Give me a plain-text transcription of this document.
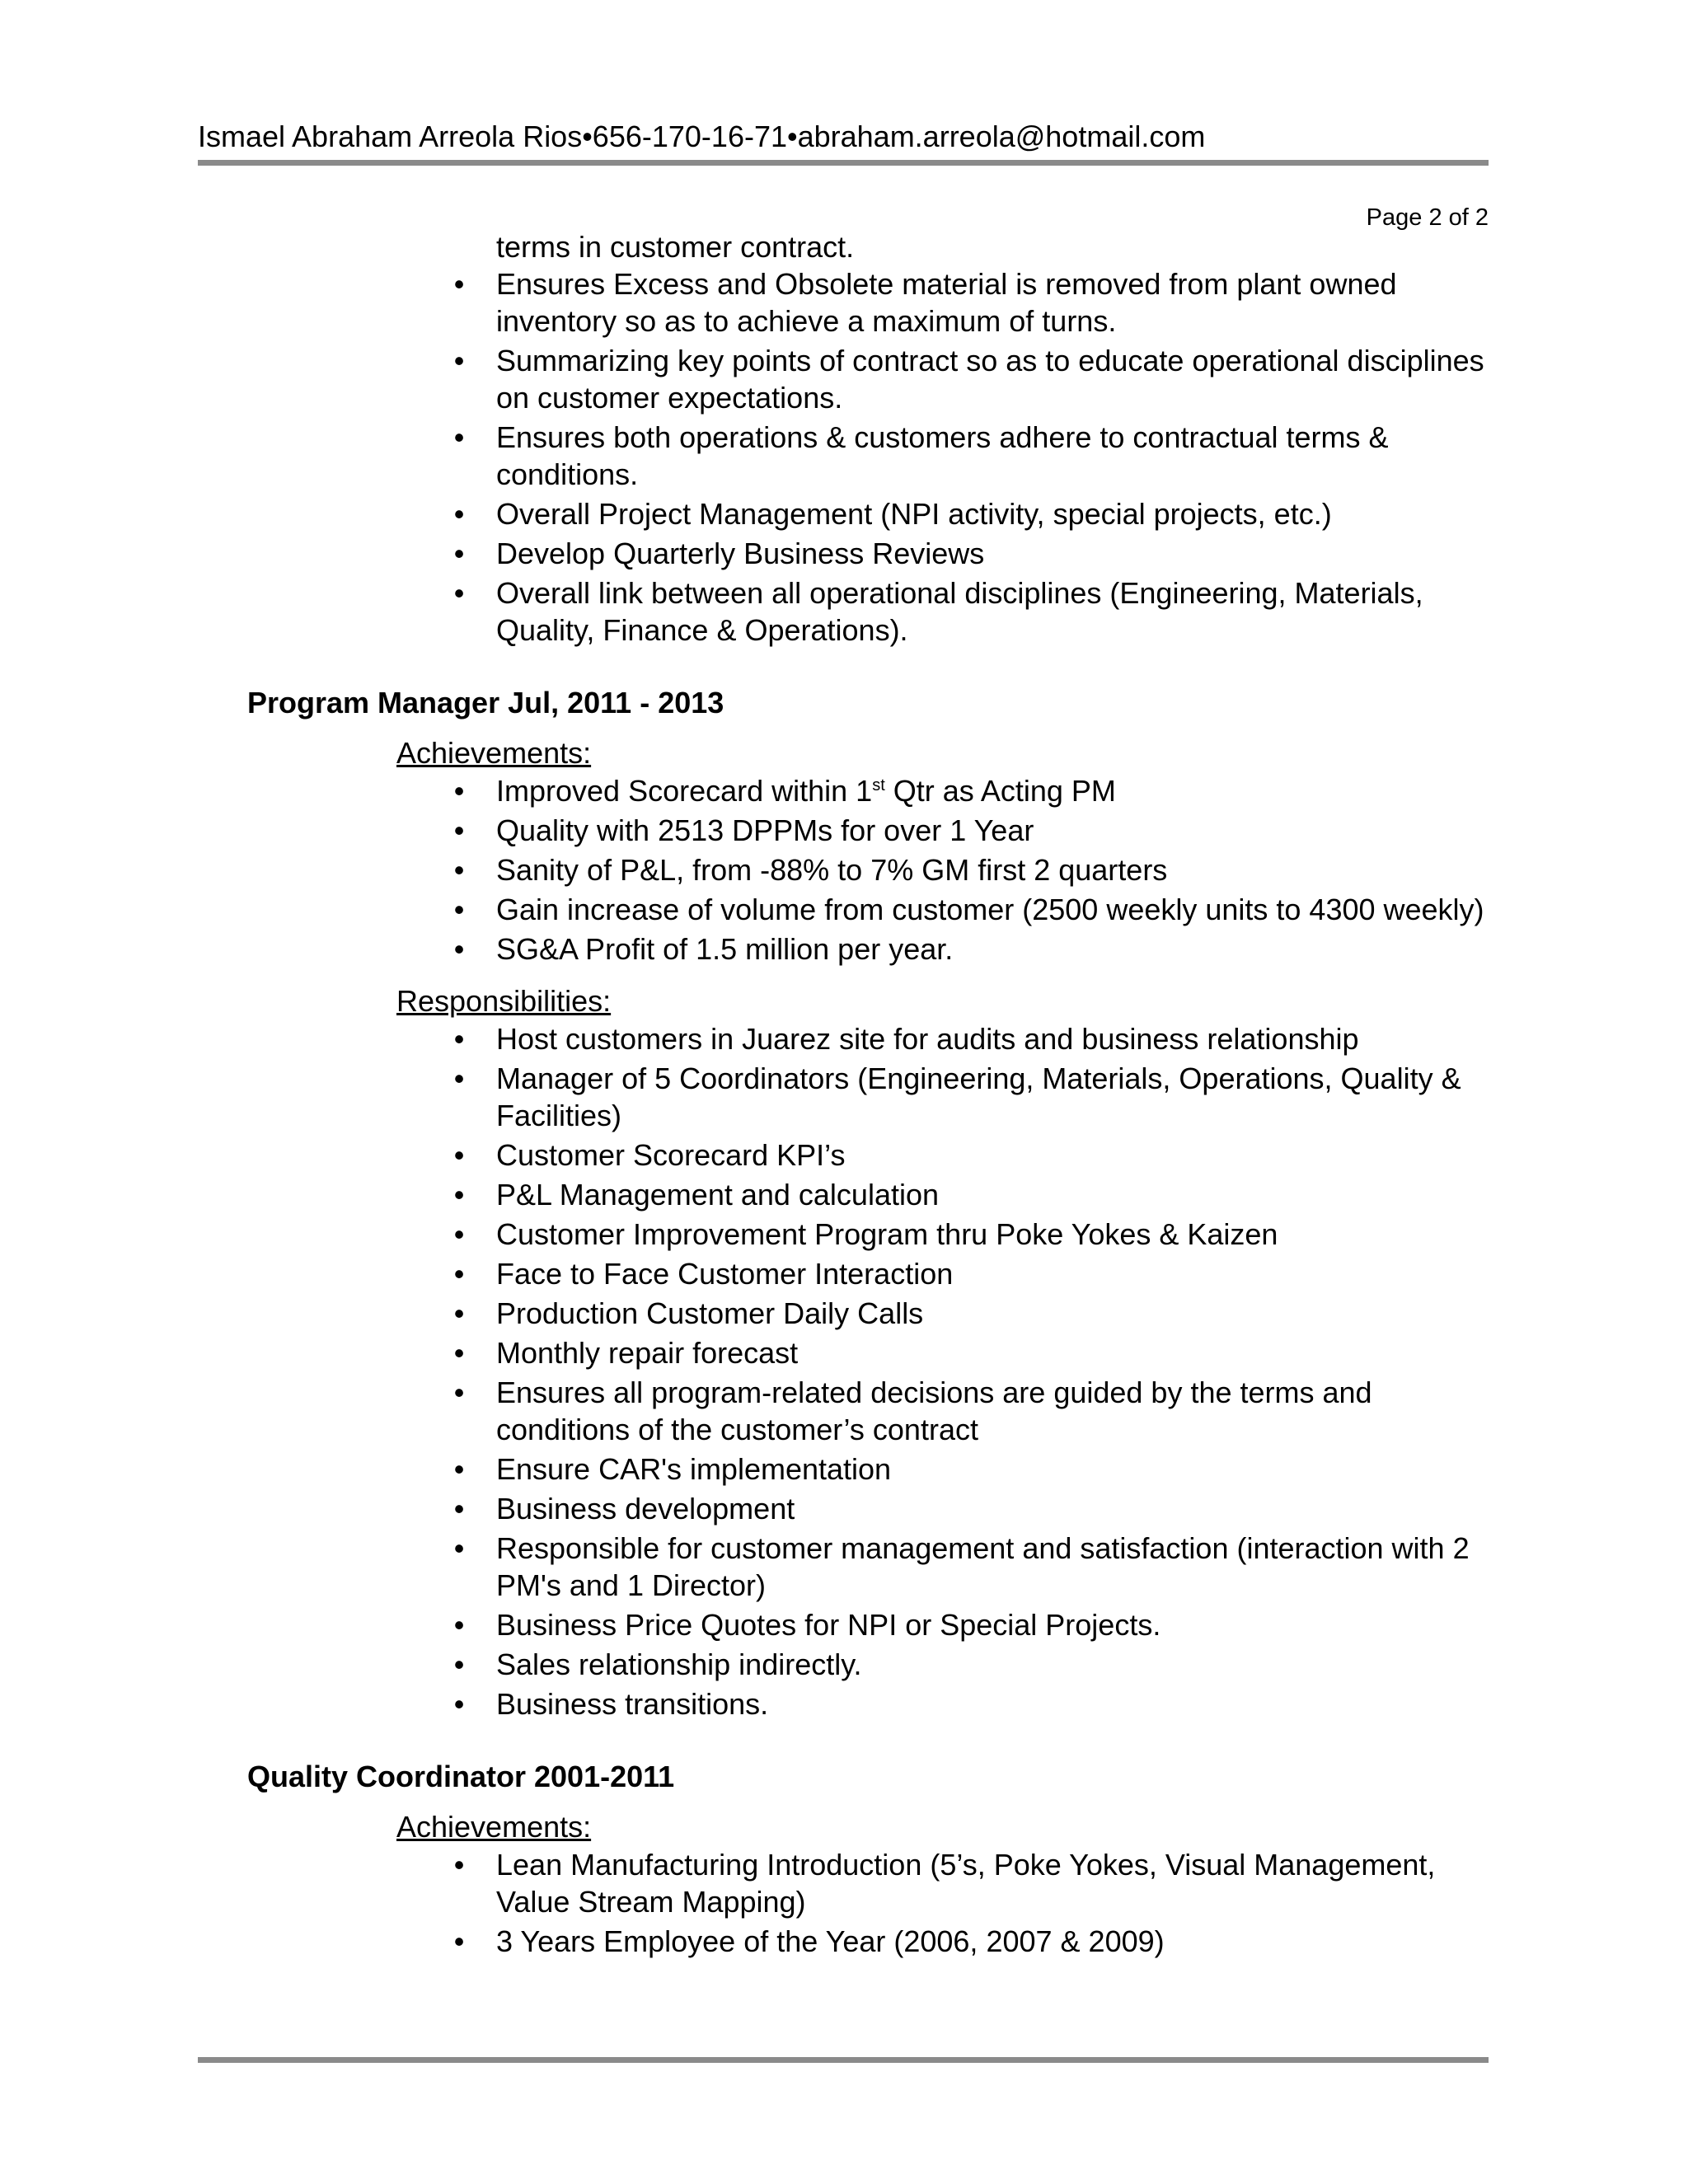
Ismael Abraham Arreola Rios•656-170-16-71•abraham.arreola@hotmail.com
Page 2 of 2
terms in customer contract.
• Ensures Excess and Obsolete material is removed from plant owned inventory so as to achieve a maximum of turns.
• Summarizing key points of contract so as to educate operational disciplines on customer expectations.
• Ensures both operations & customers adhere to contractual terms & conditions.
• Overall Project Management (NPI activity, special projects, etc.)
• Develop Quarterly Business Reviews
• Overall link between all operational disciplines (Engineering, Materials, Quality, Finance & Operations).
Program Manager Jul, 2011 - 2013
Achievements:
• Improved Scorecard within 1st Qtr as Acting PM
• Quality with 2513 DPPMs for over 1 Year
• Sanity of P&L, from -88% to 7% GM first 2 quarters
• Gain increase of volume from customer (2500 weekly units to 4300 weekly)
• SG&A Profit of 1.5 million per year.
Responsibilities:
• Host customers in Juarez site for audits and business relationship
• Manager of 5 Coordinators (Engineering, Materials, Operations, Quality & Facilities)
• Customer Scorecard KPI’s
• P&L Management and calculation
• Customer Improvement Program thru Poke Yokes & Kaizen
• Face to Face Customer Interaction
• Production Customer Daily Calls
• Monthly repair forecast
• Ensures all program-related decisions are guided by the terms and conditions of the customer’s contract
• Ensure CAR's implementation
• Business development
• Responsible for customer management and satisfaction (interaction with 2 PM's and 1 Director)
• Business Price Quotes for NPI or Special Projects.
• Sales relationship indirectly.
• Business transitions.
Quality Coordinator 2001-2011
Achievements:
• Lean Manufacturing Introduction (5’s, Poke Yokes, Visual Management, Value Stream Mapping)
• 3 Years Employee of the Year (2006, 2007 & 2009)
